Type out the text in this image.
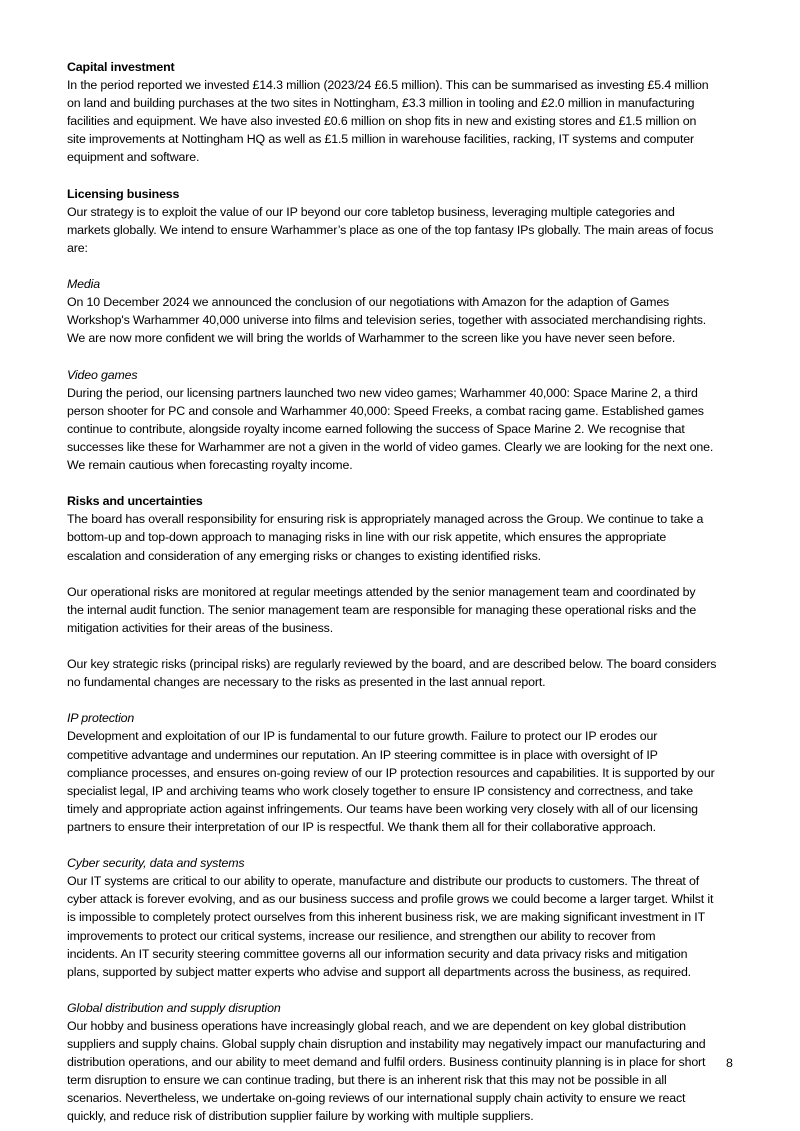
Capital investment

In the period reported we invested £14.3 million (2023/24 £6.5 million). This can be summarised as investing £5.4 million
on land and building purchases at the two sites in Nottingham, £3.3 million in tooling and £2.0 million in manufacturing
facilities and equipment. We have also invested £0.6 million on shop fits in new and existing stores and £1.5 million on
site improvements at Nottingham HQ as well as £1.5 million in warehouse facilities, racking, IT systems and computer
equipment and software.

Licensing business

Our strategy is to exploit the value of our IP beyond our core tabletop business, leveraging multiple categories and
markets globally. We intend to ensure Warhammer’s place as one of the top fantasy IPs globally. The main areas of focus
are:

Media

On 10 December 2024 we announced the conclusion of our negotiations with Amazon for the adaption of Games
Workshop's Warhammer 40,000 universe into films and television series, together with associated merchandising rights.
We are now more confident we will bring the worlds of Warhammer to the screen like you have never seen before.

Video games

During the period, our licensing partners launched two new video games; Warhammer 40,000: Space Marine 2, a third
person shooter for PC and console and Warhammer 40,000: Speed Freeks, a combat racing game. Established games
continue to contribute, alongside royalty income earned following the success of Space Marine 2. We recognise that
successes like these for Warhammer are not a given in the world of video games. Clearly we are looking for the next one.
We remain cautious when forecasting royalty income.

Risks and uncertainties

The board has overall responsibility for ensuring risk is appropriately managed across the Group. We continue to take a
bottom-up and top-down approach to managing risks in line with our risk appetite, which ensures the appropriate
escalation and consideration of any emerging risks or changes to existing identified risks.

Our operational risks are monitored at regular meetings attended by the senior management team and coordinated by
the internal audit function. The senior management team are responsible for managing these operational risks and the
mitigation activities for their areas of the business.

Our key strategic risks (principal risks) are regularly reviewed by the board, and are described below. The board considers
no fundamental changes are necessary to the risks as presented in the last annual report.

IP protection

Development and exploitation of our IP is fundamental to our future growth. Failure to protect our IP erodes our
competitive advantage and undermines our reputation. An IP steering committee is in place with oversight of IP
compliance processes, and ensures on-going review of our IP protection resources and capabilities. It is supported by our
specialist legal, IP and archiving teams who work closely together to ensure IP consistency and correctness, and take
timely and appropriate action against infringements. Our teams have been working very closely with all of our licensing
partners to ensure their interpretation of our IP is respectful. We thank them all for their collaborative approach.

Cyber security, data and systems

Our IT systems are critical to our ability to operate, manufacture and distribute our products to customers. The threat of
cyber attack is forever evolving, and as our business success and profile grows we could become a larger target. Whilst it
is impossible to completely protect ourselves from this inherent business risk, we are making significant investment in IT
improvements to protect our critical systems, increase our resilience, and strengthen our ability to recover from
incidents. An IT security steering committee governs all our information security and data privacy risks and mitigation
plans, supported by subject matter experts who advise and support all departments across the business, as required.

Global distribution and supply disruption

Our hobby and business operations have increasingly global reach, and we are dependent on key global distribution
suppliers and supply chains. Global supply chain disruption and instability may negatively impact our manufacturing and
distribution operations, and our ability to meet demand and fulfil orders. Business continuity planning is in place for short
term disruption to ensure we can continue trading, but there is an inherent risk that this may not be possible in all
scenarios. Nevertheless, we undertake on-going reviews of our international supply chain activity to ensure we react
quickly, and reduce risk of distribution supplier failure by working with multiple suppliers.

8
